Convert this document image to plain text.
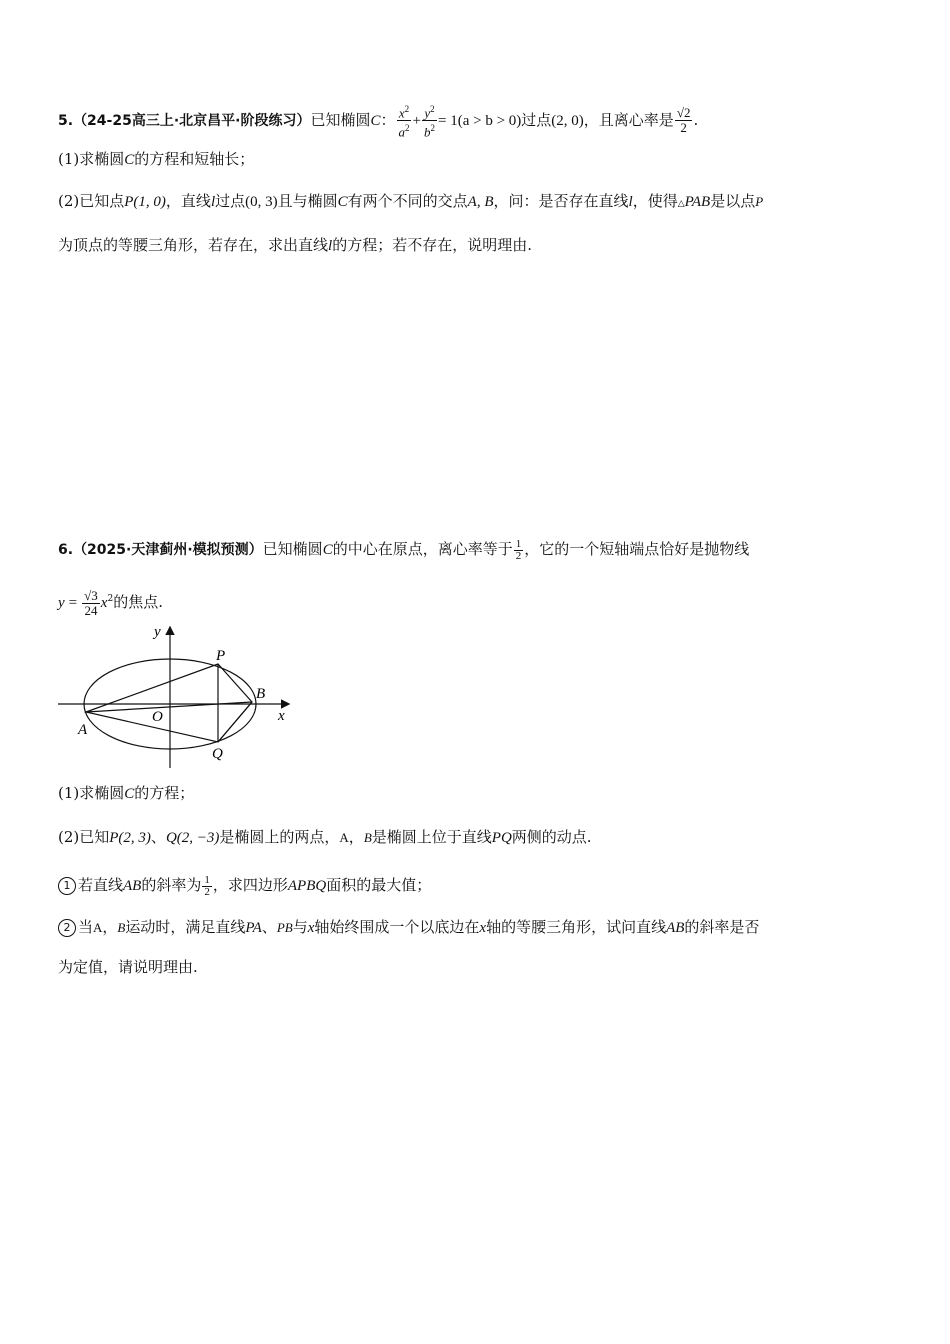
5.（24-25高三上·北京昌平·阶段练习）已知椭圆C： $\frac{x^2}{a^2} + \frac{y^2}{b^2} = 1(a > b > 0)$过点(2, 0)，且离心率是 $\frac{√2}{2}$ .
(1)求椭圆C的方程和短轴长；
(2)已知点P(1, 0)，直线l过点(0, 3)且与椭圆C有两个不同的交点A, B，问：是否存在直线l，使得△PAB是以点P
为顶点的等腰三角形，若存在，求出直线l的方程；若不存在，说明理由.
6.（2025·天津蓟州·模拟预测）已知椭圆C的中心在原点，离心率等于 $\frac{1}{2}$ ，它的一个短轴端点恰好是抛物线
$y = \frac{√3}{24} x^2$的焦点.
y
x
O
P
B
A
Q
(1)求椭圆C的方程；
(2)已知P(2, 3)、Q(2, −3)是椭圆上的两点，A，B是椭圆上位于直线PQ两侧的动点.
1 若直线AB的斜率为 $\frac{1}{2}$ ，求四边形APBQ面积的最大值；
2 当A，B运动时，满足直线PA、PB与x轴始终围成一个以底边在x轴的等腰三角形，试问直线AB的斜率是否
为定值，请说明理由.
